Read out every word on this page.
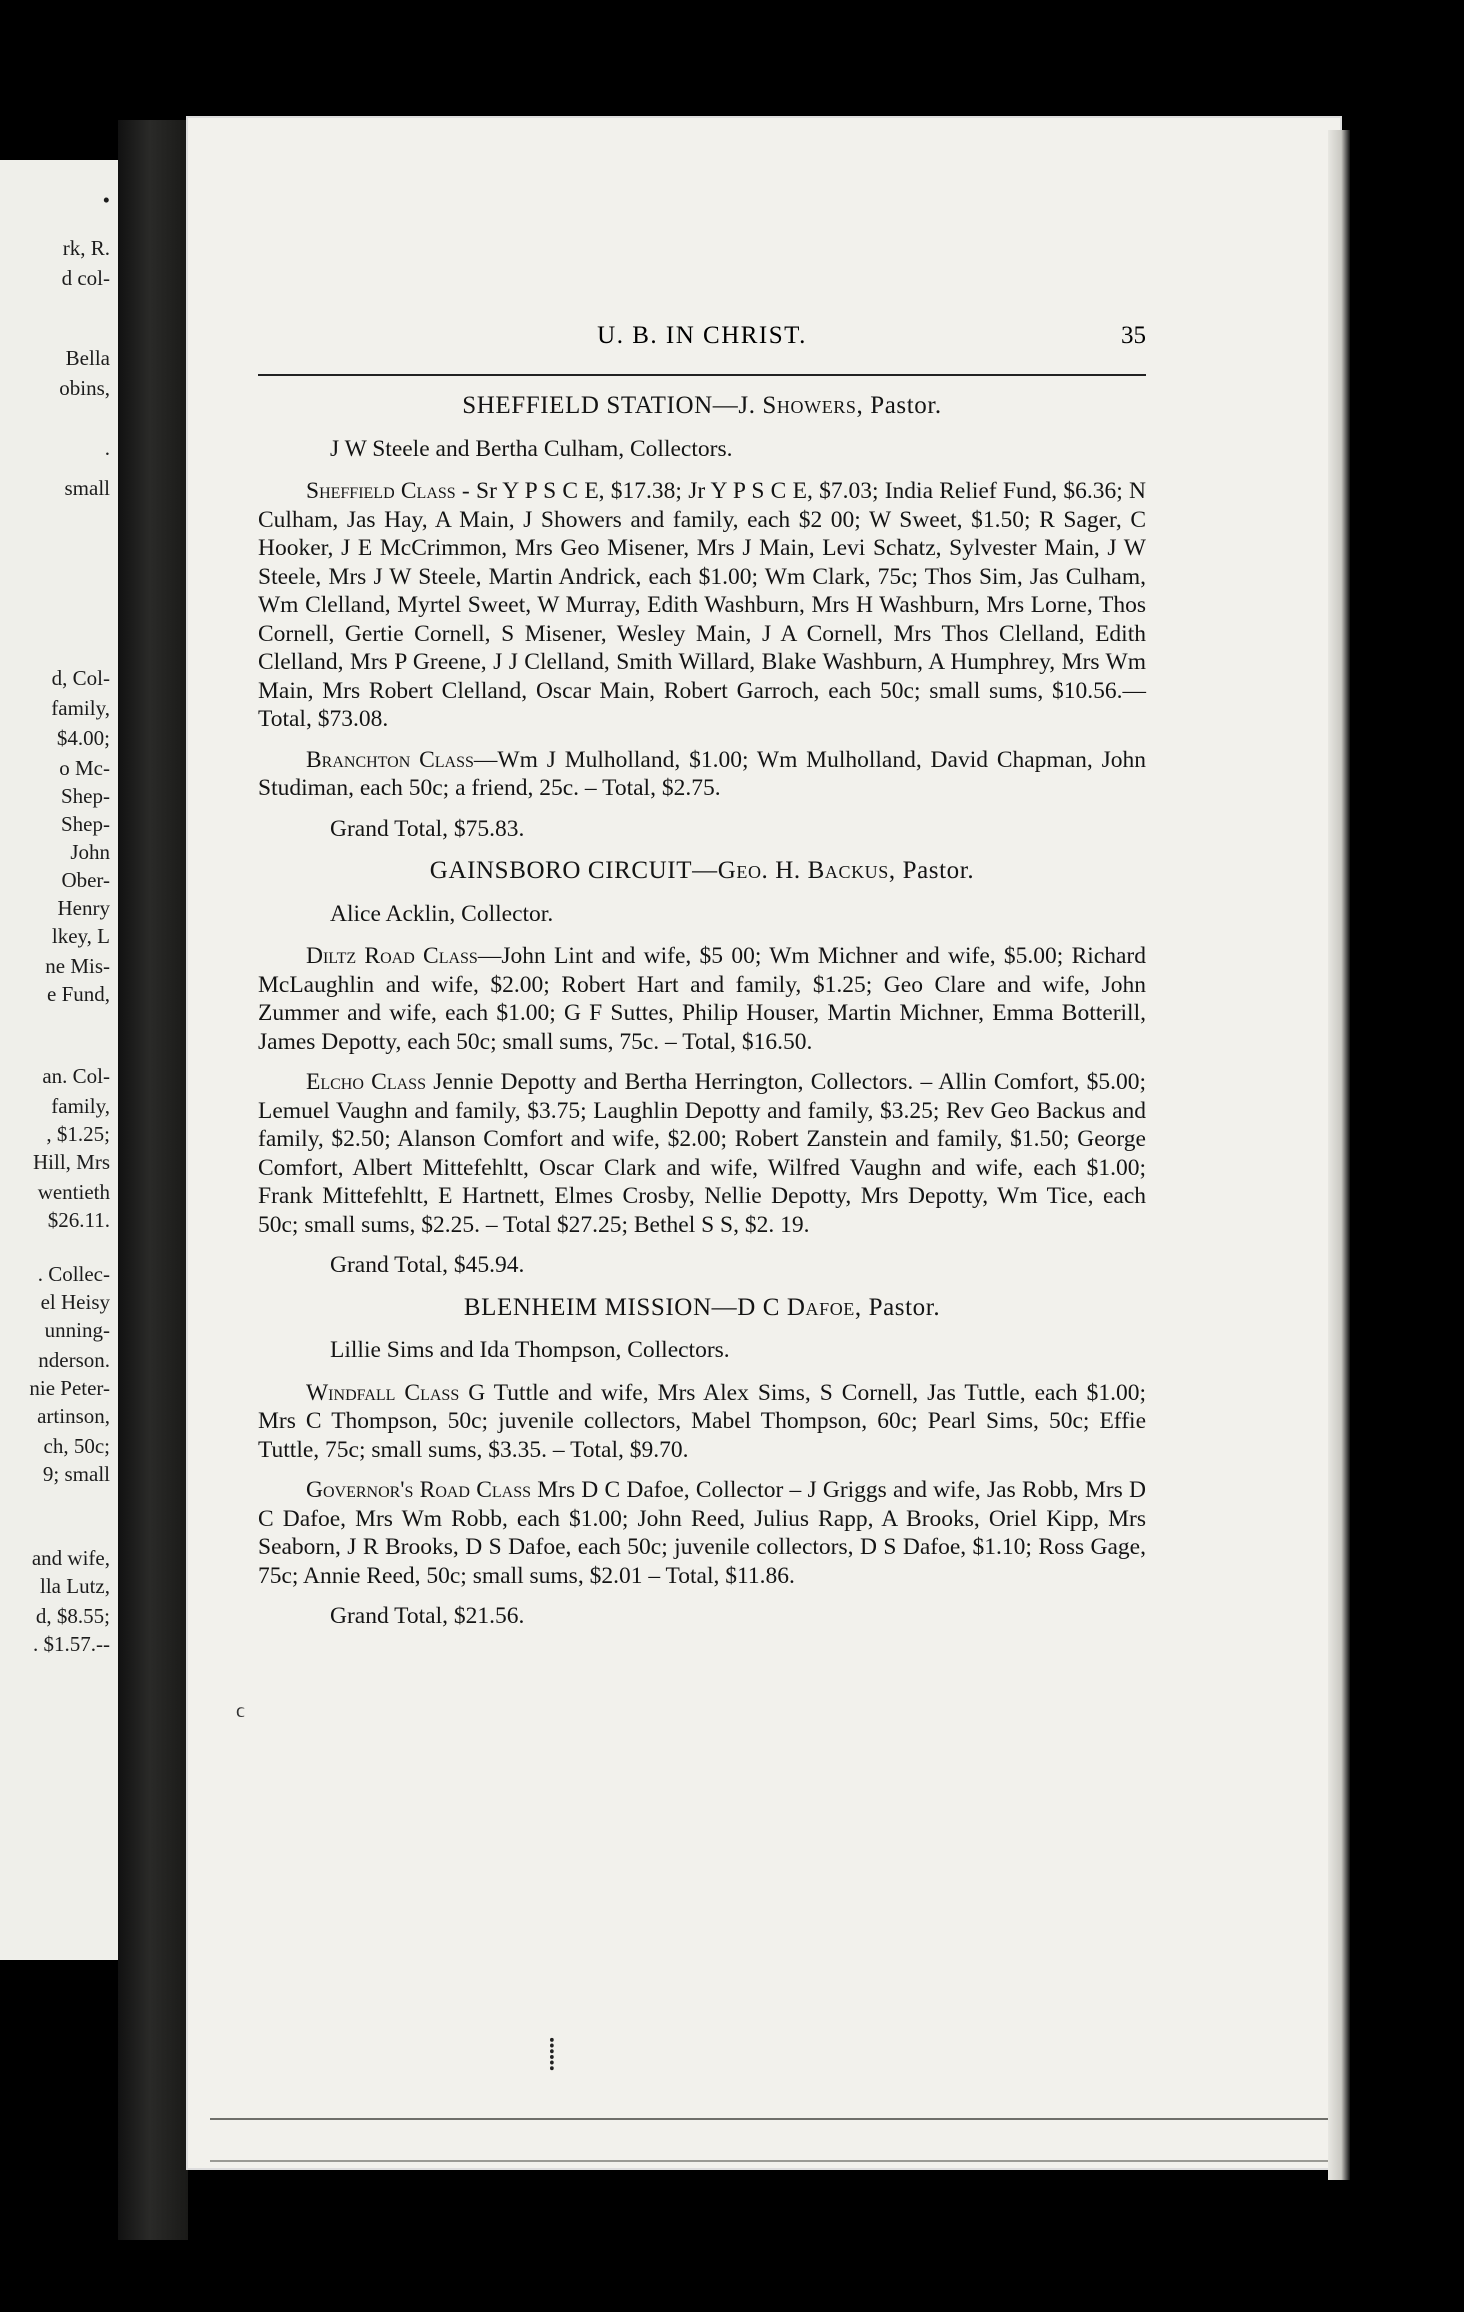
•
rk, R.
d col-
Bella
obins,
.
small
d, Col-
family,
$4.00;
o Mc-
Shep-
Shep-
John
Ober-
Henry
lkey, L
ne Mis-
e Fund,
an. Col-
family,
, $1.25;
Hill, Mrs
wentieth
$26.11.
. Collec-
el Heisy
unning-
nderson.
nie Peter-
artinson,
ch, 50c;
9; small
and wife,
lla Lutz,
d, $8.55;
. $1.57.--
U. B. IN CHRIST.	35
SHEFFIELD STATION—J. Showers, Pastor.

J W Steele and Bertha Culham, Collectors.

Sheffield Class - Sr Y P S C E, $17.38; Jr Y P S C E, $7.03; India Relief Fund, $6.36; N Culham, Jas Hay, A Main, J Showers and family, each $2 00; W Sweet, $1.50; R Sager, C Hooker, J E McCrimmon, Mrs Geo Misener, Mrs J Main, Levi Schatz, Sylvester Main, J W Steele, Mrs J W Steele, Martin Andrick, each $1.00; Wm Clark, 75c; Thos Sim, Jas Culham, Wm Clelland, Myrtel Sweet, W Murray, Edith Washburn, Mrs H Washburn, Mrs Lorne, Thos Cornell, Gertie Cornell, S Misener, Wesley Main, J A Cornell, Mrs Thos Clelland, Edith Clelland, Mrs P Greene, J J Clelland, Smith Willard, Blake Washburn, A Humphrey, Mrs Wm Main, Mrs Robert Clelland, Oscar Main, Robert Garroch, each 50c; small sums, $10.56.—Total, $73.08.

Branchton Class—Wm J Mulholland, $1.00; Wm Mulholland, David Chapman, John Studiman, each 50c; a friend, 25c. – Total, $2.75.

Grand Total, $75.83.

GAINSBORO CIRCUIT—Geo. H. Backus, Pastor.

Alice Acklin, Collector.

Diltz Road Class—John Lint and wife, $5 00; Wm Michner and wife, $5.00; Richard McLaughlin and wife, $2.00; Robert Hart and family, $1.25; Geo Clare and wife, John Zummer and wife, each $1.00; G F Suttes, Philip Houser, Martin Michner, Emma Botterill, James Depotty, each 50c; small sums, 75c. – Total, $16.50.

Elcho Class Jennie Depotty and Bertha Herrington, Collectors. – Allin Comfort, $5.00; Lemuel Vaughn and family, $3.75; Laughlin Depotty and family, $3.25; Rev Geo Backus and family, $2.50; Alanson Comfort and wife, $2.00; Robert Zanstein and family, $1.50; George Comfort, Albert Mittefehltt, Oscar Clark and wife, Wilfred Vaughn and wife, each $1.00; Frank Mittefehltt, E Hartnett, Elmes Crosby, Nellie Depotty, Mrs Depotty, Wm Tice, each 50c; small sums, $2.25. – Total $27.25; Bethel S S, $2. 19.

Grand Total, $45.94.

BLENHEIM MISSION—D C Dafoe, Pastor.

Lillie Sims and Ida Thompson, Collectors.

Windfall Class G Tuttle and wife, Mrs Alex Sims, S Cornell, Jas Tuttle, each $1.00; Mrs C Thompson, 50c; juvenile collectors, Mabel Thompson, 60c; Pearl Sims, 50c; Effie Tuttle, 75c; small sums, $3.35. – Total, $9.70.

Governor's Road Class Mrs D C Dafoe, Collector – J Griggs and wife, Jas Robb, Mrs D C Dafoe, Mrs Wm Robb, each $1.00; John Reed, Julius Rapp, A Brooks, Oriel Kipp, Mrs Seaborn, J R Brooks, D S Dafoe, each 50c; juvenile collectors, D S Dafoe, $1.10; Ross Gage, 75c; Annie Reed, 50c; small sums, $2.01 – Total, $11.86.

Grand Total, $21.56.

ϲ
⸽
